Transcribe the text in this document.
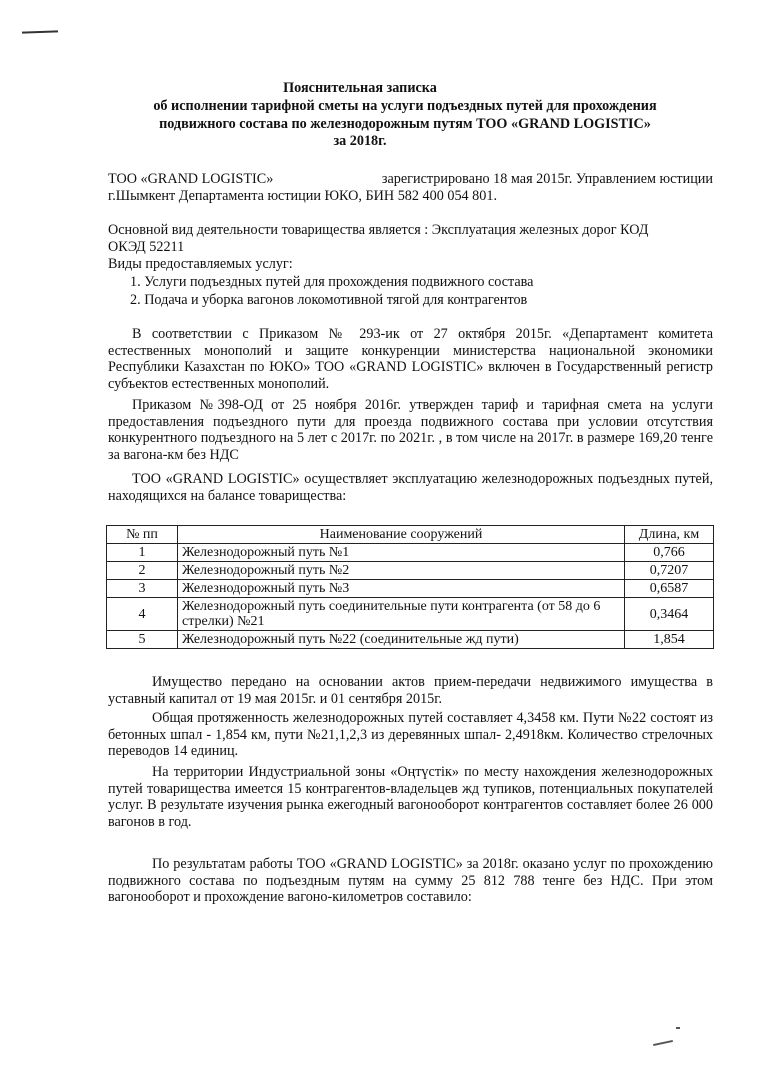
Пояснительная записка
об исполнении тарифной сметы на услуги подъездных путей для прохождения
подвижного состава по железнодорожным путям ТОО «GRAND LOGISTIC»
за 2018г.
ТОО «GRAND LOGISTIC»	зарегистрировано 18 мая 2015г. Управлением юстиции
г.Шымкент Департамента юстиции ЮКО, БИН 582 400 054 801.
Основной вид деятельности товарищества является : Эксплуатация железных дорог КОД
ОКЭД 52211
Виды предоставляемых услуг:
1. Услуги подъездных путей для прохождения подвижного состава
2. Подача и уборка вагонов локомотивной тягой для контрагентов
В соответствии с Приказом № 293-ик от 27 октября 2015г. «Департамент комитета естественных монополий и защите конкуренции министерства национальной экономики Республики Казахстан по ЮКО» ТОО «GRAND LOGISTIC» включен в Государственный регистр субъектов естественных монополий.
Приказом №398-ОД от 25 ноября 2016г. утвержден тариф и тарифная смета на услуги предоставления подъездного пути для проезда подвижного состава при условии отсутствия конкурентного подъездного на 5 лет с 2017г. по 2021г. , в том числе на 2017г. в размере 169,20 тенге за вагона-км без НДС
ТОО «GRAND LOGISTIC» осуществляет эксплуатацию железнодорожных подъездных путей, находящихся на балансе товарищества:
№ пп	Наименование сооружений	Длина, км
1	Железнодорожный путь №1	0,766
2	Железнодорожный путь №2	0,7207
3	Железнодорожный путь №3	0,6587
4	Железнодорожный путь соединительные пути контрагента (от 58 до 6 стрелки) №21	0,3464
5	Железнодорожный путь №22 (соединительные жд пути)	1,854
Имущество передано на основании актов прием-передачи недвижимого имущества в уставный капитал от 19 мая 2015г. и 01 сентября 2015г.
Общая протяженность железнодорожных путей составляет 4,3458 км. Пути №22 состоят из бетонных шпал - 1,854 км, пути №21,1,2,3 из деревянных шпал- 2,4918км. Количество стрелочных переводов 14 единиц.
На территории Индустриальной зоны «Оңтүстік» по месту нахождения железнодорожных путей товарищества имеется 15 контрагентов-владельцев жд тупиков, потенциальных покупателей услуг. В результате изучения рынка ежегодный вагонооборот контрагентов составляет более 26 000 вагонов в год.
По результатам работы ТОО «GRAND LOGISTIC» за 2018г. оказано услуг по прохождению подвижного состава по подъездным путям на сумму 25 812 788 тенге без НДС. При этом вагонооборот и прохождение вагоно-километров составило:
